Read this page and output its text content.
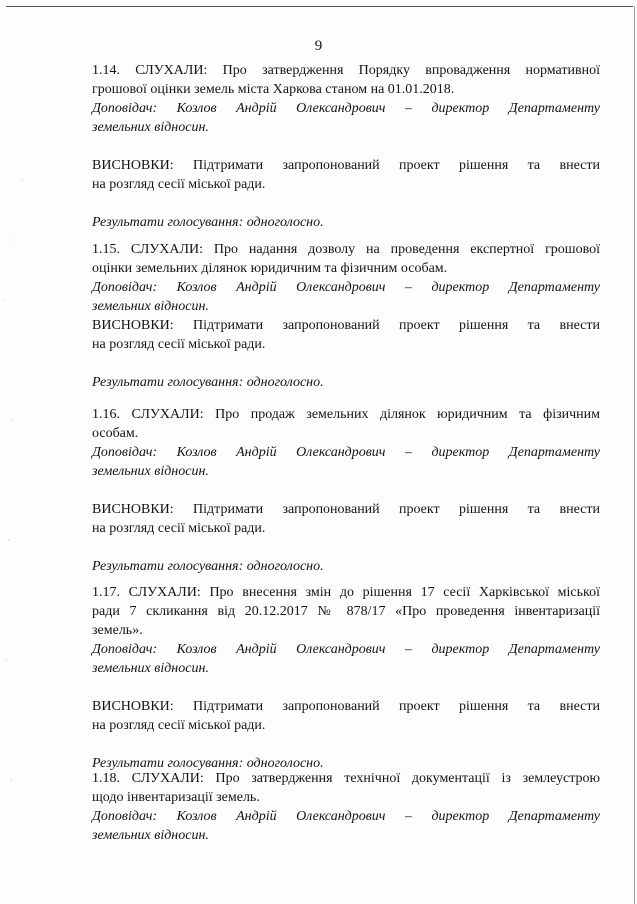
9

1.14. СЛУХАЛИ: Про затвердження Порядку впровадження нормативної

грошової оцінки земель міста Харкова станом на 01.01.2018.

Доповідач: Козлов Андрій Олександрович – директор Департаменту

земельних відносин.

ВИСНОВКИ: Підтримати запропонований проект рішення та внести

на розгляд сесії міської ради.

Результати голосування: одноголосно.

1.15. СЛУХАЛИ: Про надання дозволу на проведення експертної грошової

оцінки земельних ділянок юридичним та фізичним особам.

Доповідач: Козлов Андрій Олександрович – директор Департаменту

земельних відносин.

ВИСНОВКИ: Підтримати запропонований проект рішення та внести

на розгляд сесії міської ради.

Результати голосування: одноголосно.

1.16. СЛУХАЛИ: Про продаж земельних ділянок юридичним та фізичним

особам.

Доповідач: Козлов Андрій Олександрович – директор Департаменту

земельних відносин.

ВИСНОВКИ: Підтримати запропонований проект рішення та внести

на розгляд сесії міської ради.

Результати голосування: одноголосно.

1.17. СЛУХАЛИ: Про внесення змін до рішення 17 сесії Харківської міської

ради 7 скликання від 20.12.2017 № 878/17 «Про проведення інвентаризації

земель».

Доповідач: Козлов Андрій Олександрович – директор Департаменту

земельних відносин.

ВИСНОВКИ: Підтримати запропонований проект рішення та внести

на розгляд сесії міської ради.

Результати голосування: одноголосно.

1.18. СЛУХАЛИ: Про затвердження технічної документації із землеустрою

щодо інвентаризації земель.

Доповідач: Козлов Андрій Олександрович – директор Департаменту

земельних відносин.
